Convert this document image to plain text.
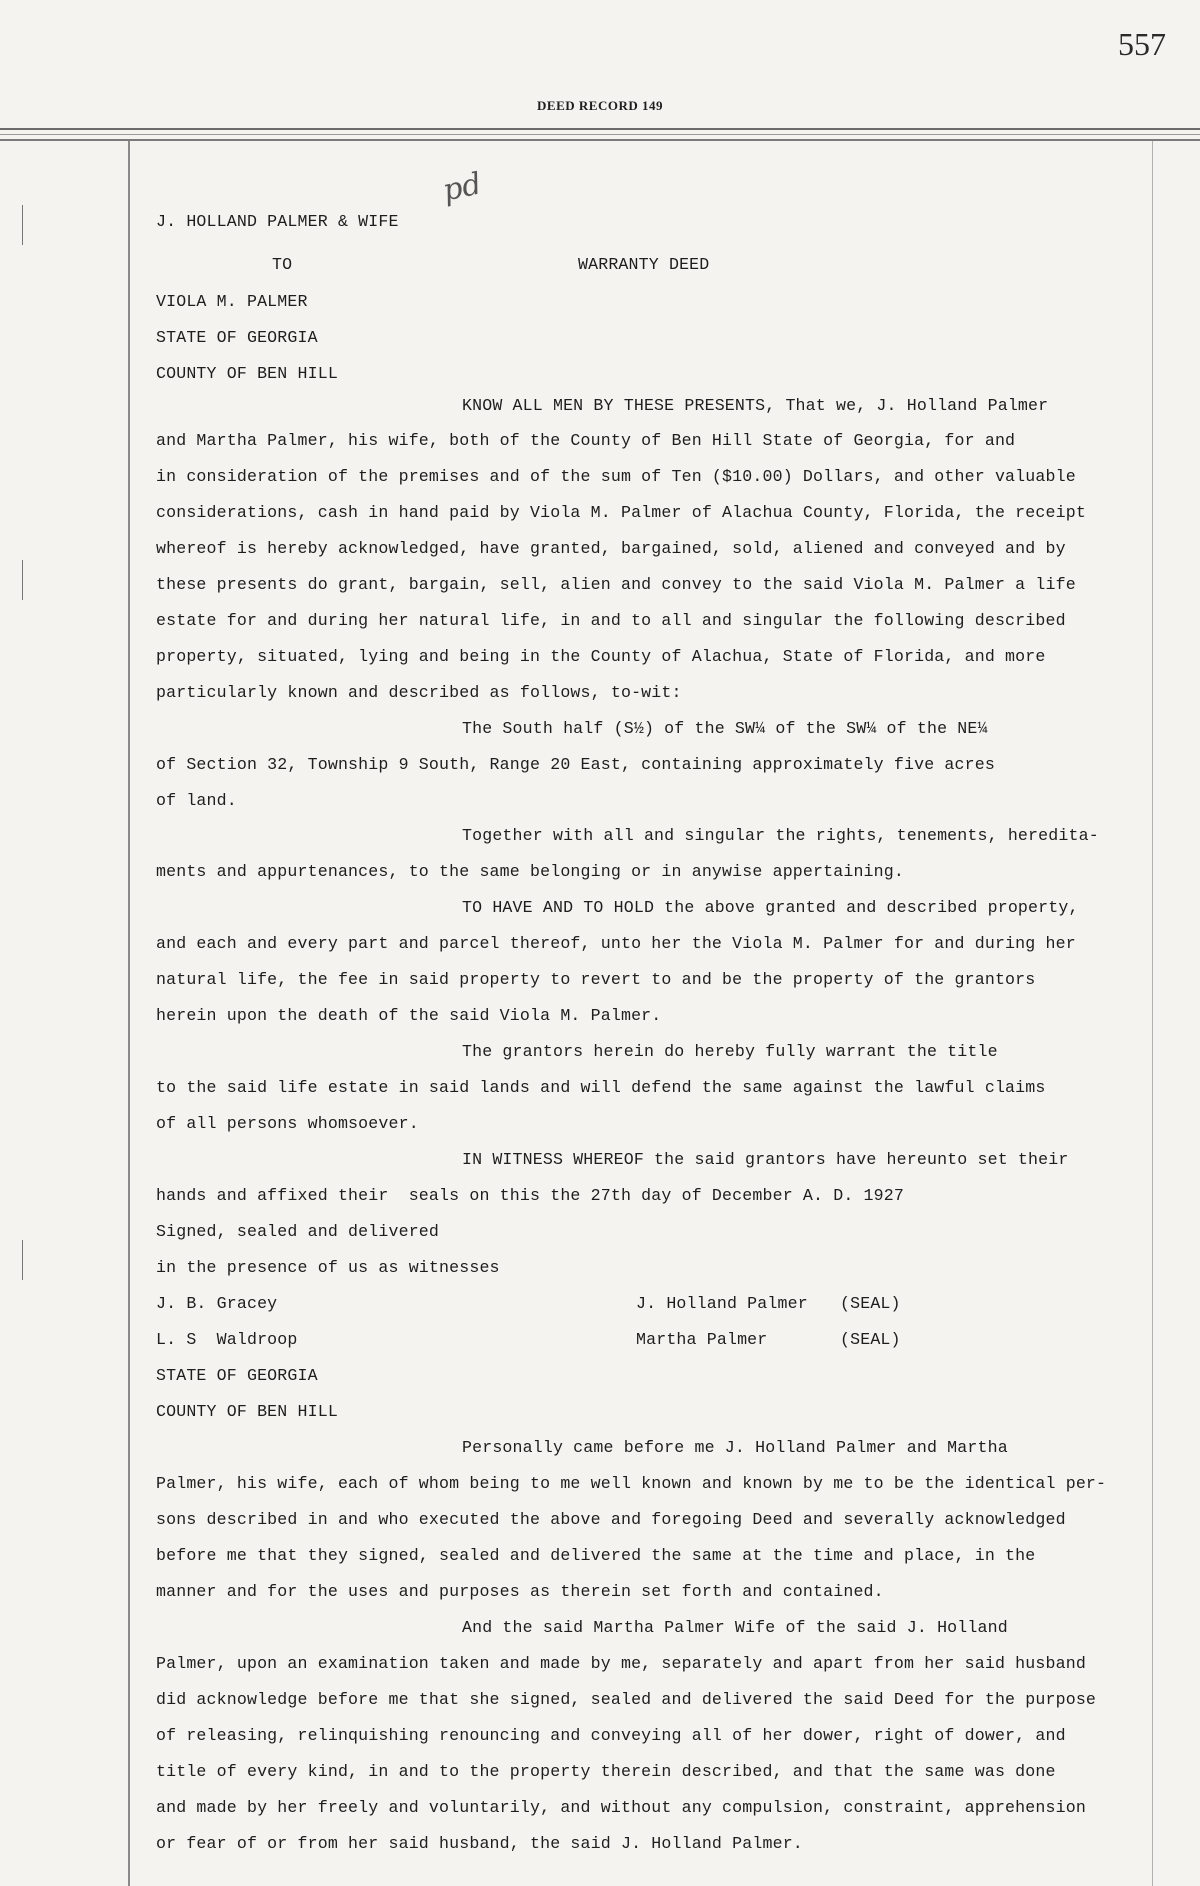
557
DEED RECORD 149
pd
J. HOLLAND PALMER & WIFE
TO	WARRANTY DEED
VIOLA M. PALMER
STATE OF GEORGIA
COUNTY OF BEN HILL
KNOW ALL MEN BY THESE PRESENTS, That we, J. Holland Palmer
and Martha Palmer, his wife, both of the County of Ben Hill State of Georgia, for and
in consideration of the premises and of the sum of Ten ($10.00) Dollars, and other valuable
considerations, cash in hand paid by Viola M. Palmer of Alachua County, Florida, the receipt
whereof is hereby acknowledged, have granted, bargained, sold, aliened and conveyed and by
these presents do grant, bargain, sell, alien and convey to the said Viola M. Palmer a life
estate for and during her natural life, in and to all and singular the following described
property, situated, lying and being in the County of Alachua, State of Florida, and more
particularly known and described as follows, to-wit:
The South half (S½) of the SW¼ of the SW¼ of the NE¼
of Section 32, Township 9 South, Range 20 East, containing approximately five acres
of land.
Together with all and singular the rights, tenements, heredita-
ments and appurtenances, to the same belonging or in anywise appertaining.
TO HAVE AND TO HOLD the above granted and described property,
and each and every part and parcel thereof, unto her the Viola M. Palmer for and during her
natural life, the fee in said property to revert to and be the property of the grantors
herein upon the death of the said Viola M. Palmer.
The grantors herein do hereby fully warrant the title
to the said life estate in said lands and will defend the same against the lawful claims
of all persons whomsoever.
IN WITNESS WHEREOF the said grantors have hereunto set their
hands and affixed their  seals on this the 27th day of December A. D. 1927
Signed, sealed and delivered
in the presence of us as witnesses
J. B. Gracey	J. Holland Palmer (SEAL)
L. S  Waldroop	Martha Palmer	(SEAL)
STATE OF GEORGIA
COUNTY OF BEN HILL
Personally came before me J. Holland Palmer and Martha
Palmer, his wife, each of whom being to me well known and known by me to be the identical per-
sons described in and who executed the above and foregoing Deed and severally acknowledged
before me that they signed, sealed and delivered the same at the time and place, in the
manner and for the uses and purposes as therein set forth and contained.
And the said Martha Palmer Wife of the said J. Holland
Palmer, upon an examination taken and made by me, separately and apart from her said husband
did acknowledge before me that she signed, sealed and delivered the said Deed for the purpose
of releasing, relinquishing renouncing and conveying all of her dower, right of dower, and
title of every kind, in and to the property therein described, and that the same was done
and made by her freely and voluntarily, and without any compulsion, constraint, apprehension
or fear of or from her said husband, the said J. Holland Palmer.
